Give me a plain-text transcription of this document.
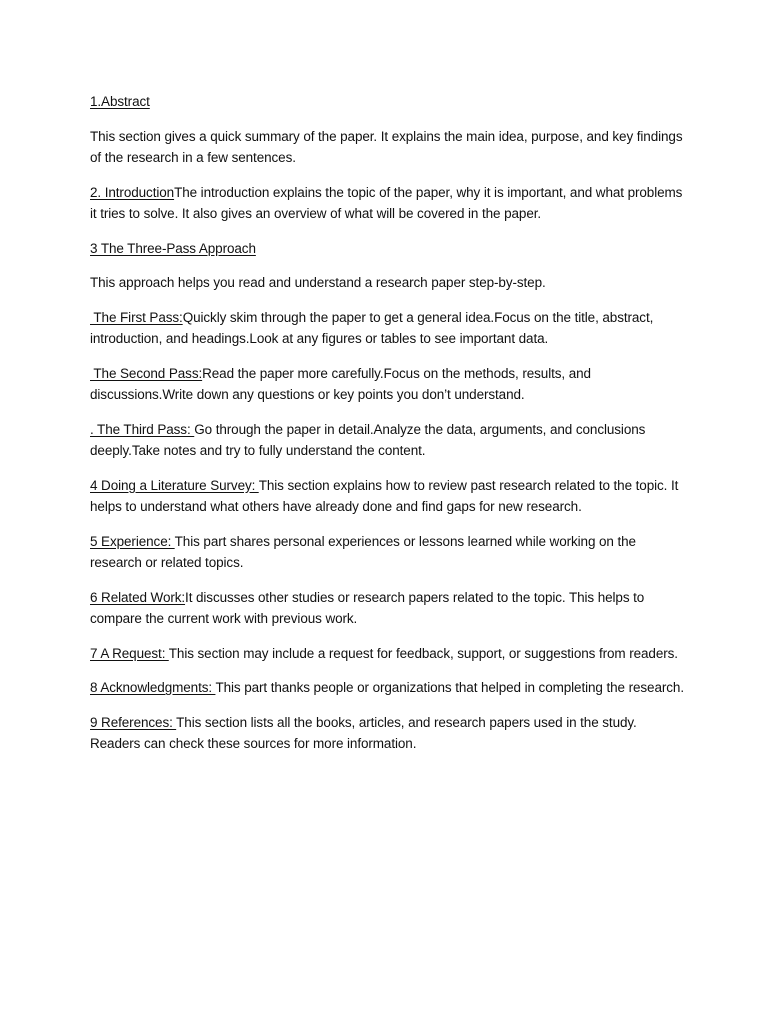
1.Abstract

This section gives a quick summary of the paper. It explains the main idea, purpose, and key findings of the research in a few sentences.

2. IntroductionThe introduction explains the topic of the paper, why it is important, and what problems it tries to solve. It also gives an overview of what will be covered in the paper.

3 The Three-Pass Approach

This approach helps you read and understand a research paper step-by-step.

The First Pass:Quickly skim through the paper to get a general idea.Focus on the title, abstract, introduction, and headings.Look at any figures or tables to see important data.

The Second Pass:Read the paper more carefully.Focus on the methods, results, and discussions.Write down any questions or key points you don’t understand.

. The Third Pass: Go through the paper in detail.Analyze the data, arguments, and conclusions deeply.Take notes and try to fully understand the content.

4 Doing a Literature Survey: This section explains how to review past research related to the topic. It helps to understand what others have already done and find gaps for new research.

5 Experience: This part shares personal experiences or lessons learned while working on the research or related topics.

6 Related Work:It discusses other studies or research papers related to the topic. This helps to compare the current work with previous work.

7 A Request: This section may include a request for feedback, support, or suggestions from readers.

8 Acknowledgments: This part thanks people or organizations that helped in completing the research.

9 References: This section lists all the books, articles, and research papers used in the study. Readers can check these sources for more information.
